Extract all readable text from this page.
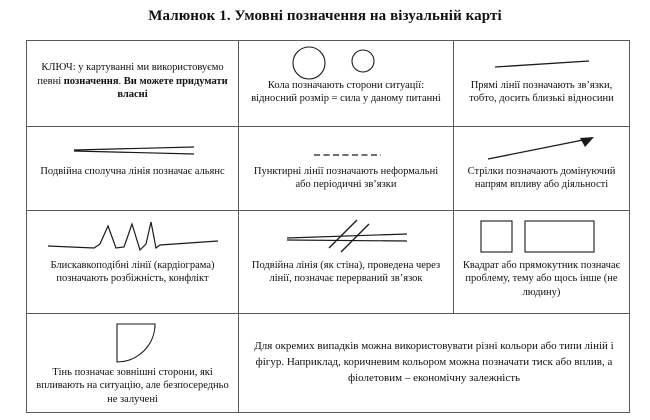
Малюнок 1. Умовні позначення на візуальній карті
КЛЮЧ: у картуванні ми використовуємо певні позначення. Ви можете придумати власні	Кола позначають сторони ситуації: відносний розмір = сила у даному питанні	Прямі лінії позначають зв’язки, тобто, досить близькі відносини

Подвійна сполучна лінія позначає альянс	Пунктирні лінії позначають неформальні або періодичні зв’язки	Стрілки позначають домінуючий напрям впливу або діяльності

Блискавкоподібні лінії (кардіограма) позначають розбіжність, конфлікт	Подвійна лінія (як стіна), проведена через лінії, позначає перерваний зв’язок	Квадрат або прямокутник позначає проблему, тему або щось інше (не людину)

Тінь позначає зовнішні сторони, які впливають на ситуацію, але безпосередньо не залучені	Для окремих випадків можна використовувати різні кольори або типи ліній і фігур. Наприклад, коричневим кольором можна позначати тиск або вплив, а фіолетовим – економічну залежність	
